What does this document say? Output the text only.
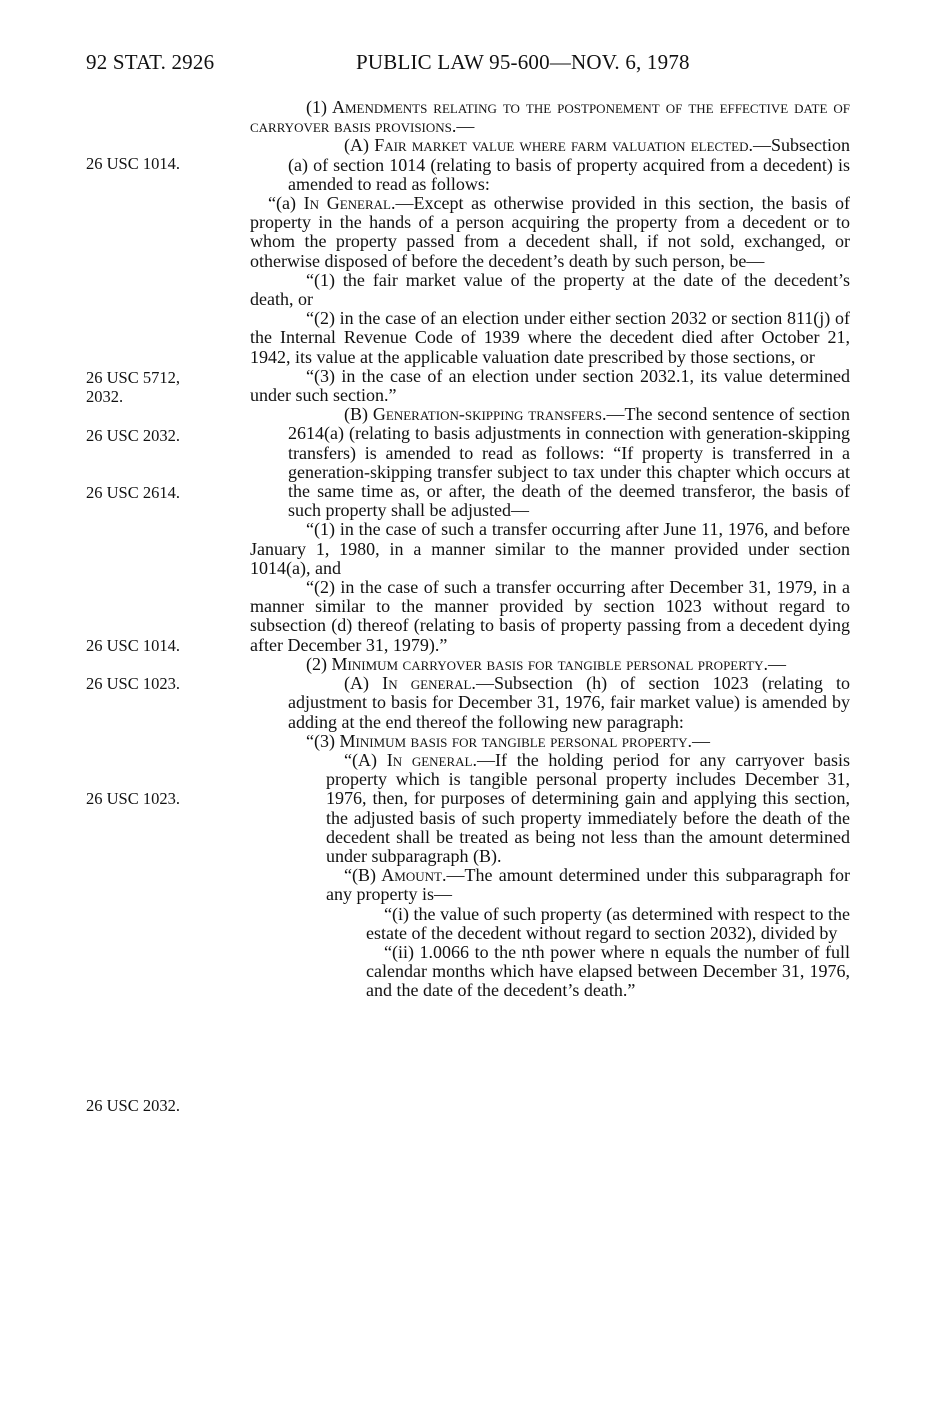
92 STAT. 2926	PUBLIC LAW 95-600—NOV. 6, 1978
26 USC 1014.
26 USC 5712,
2032.
26 USC 2032.
26 USC 2614.
26 USC 1014.
26 USC 1023.
26 USC 1023.
26 USC 2032.

(1) Amendments relating to the postponement of the effective date of carryover basis provisions.—

(A) Fair market value where farm valuation elected.—Subsection (a) of section 1014 (relating to basis of property acquired from a decedent) is amended to read as follows:

“(a) In General.—Except as otherwise provided in this section, the basis of property in the hands of a person acquiring the property from a decedent or to whom the property passed from a decedent shall, if not sold, exchanged, or otherwise disposed of before the decedent’s death by such person, be—

“(1) the fair market value of the property at the date of the decedent’s death, or

“(2) in the case of an election under either section 2032 or section 811(j) of the Internal Revenue Code of 1939 where the decedent died after October 21, 1942, its value at the applicable valuation date prescribed by those sections, or

“(3) in the case of an election under section 2032.1, its value determined under such section.”

(B) Generation-skipping transfers.—The second sentence of section 2614(a) (relating to basis adjustments in connection with generation-skipping transfers) is amended to read as follows: “If property is transferred in a generation-skipping transfer subject to tax under this chapter which occurs at the same time as, or after, the death of the deemed transferor, the basis of such property shall be adjusted—

“(1) in the case of such a transfer occurring after June 11, 1976, and before January 1, 1980, in a manner similar to the manner provided under section 1014(a), and

“(2) in the case of such a transfer occurring after December 31, 1979, in a manner similar to the manner provided by section 1023 without regard to subsection (d) thereof (relating to basis of property passing from a decedent dying after December 31, 1979).”

(2) Minimum carryover basis for tangible personal property.—

(A) In general.—Subsection (h) of section 1023 (relating to adjustment to basis for December 31, 1976, fair market value) is amended by adding at the end thereof the following new paragraph:

“(3) Minimum basis for tangible personal property.—

“(A) In general.—If the holding period for any carryover basis property which is tangible personal property includes December 31, 1976, then, for purposes of determining gain and applying this section, the adjusted basis of such property immediately before the death of the decedent shall be treated as being not less than the amount determined under subparagraph (B).

“(B) Amount.—The amount determined under this subparagraph for any property is—

“(i) the value of such property (as determined with respect to the estate of the decedent without regard to section 2032), divided by

“(ii) 1.0066 to the nth power where n equals the number of full calendar months which have elapsed between December 31, 1976, and the date of the decedent’s death.”
